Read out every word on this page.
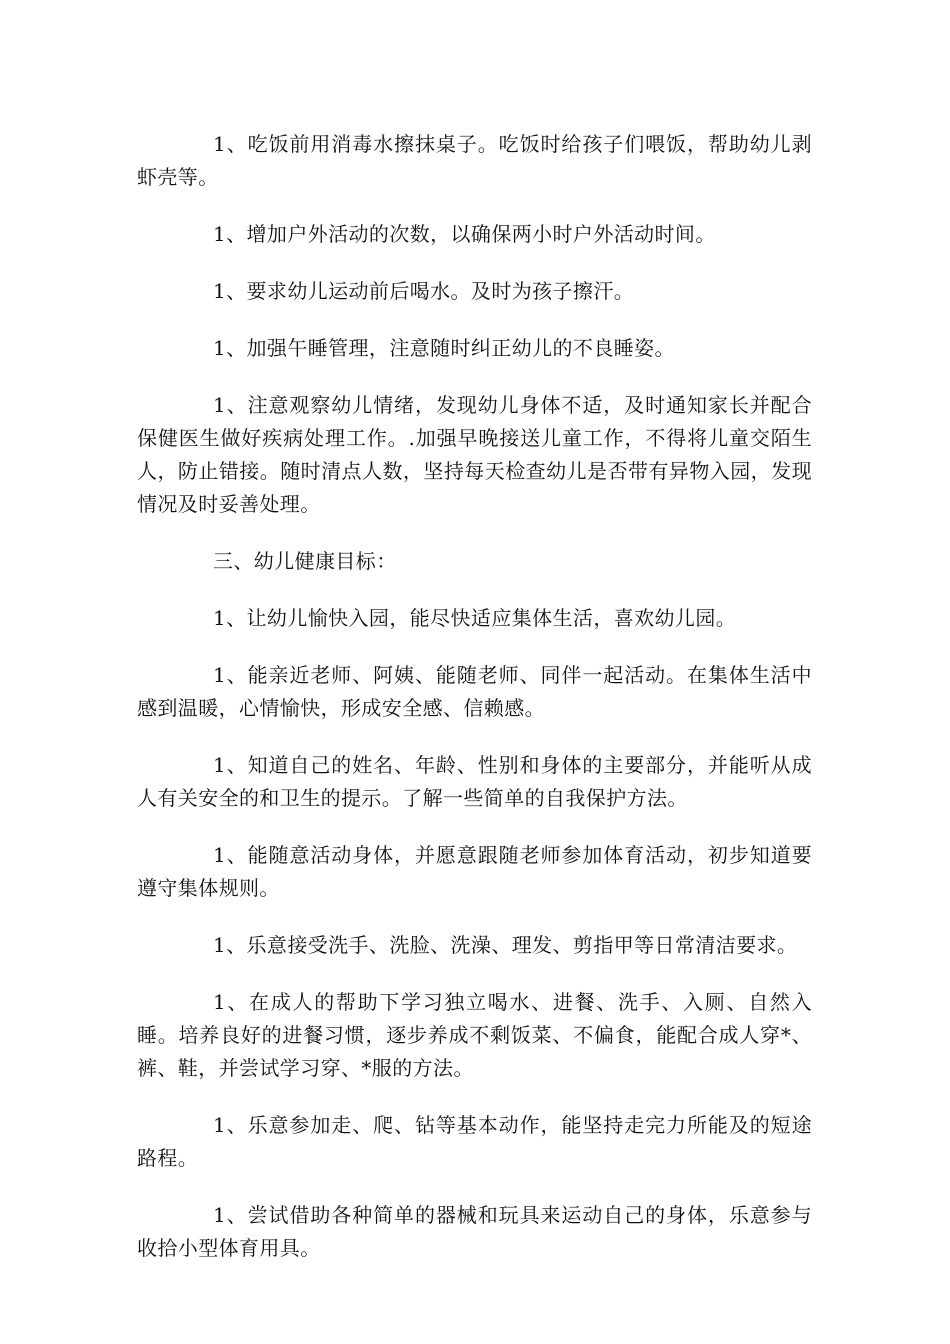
1、吃饭前用消毒水擦抹桌子。吃饭时给孩子们喂饭，帮助幼儿剥虾壳等。

1、增加户外活动的次数，以确保两小时户外活动时间。

1、要求幼儿运动前后喝水。及时为孩子擦汗。

1、加强午睡管理，注意随时纠正幼儿的不良睡姿。

1、注意观察幼儿情绪，发现幼儿身体不适，及时通知家长并配合保健医生做好疾病处理工作。.加强早晚接送儿童工作，不得将儿童交陌生人，防止错接。随时清点人数，坚持每天检查幼儿是否带有异物入园，发现情况及时妥善处理。

三、幼儿健康目标：

1、让幼儿愉快入园，能尽快适应集体生活，喜欢幼儿园。

1、能亲近老师、阿姨、能随老师、同伴一起活动。在集体生活中感到温暖，心情愉快，形成安全感、信赖感。

1、知道自己的姓名、年龄、性别和身体的主要部分，并能听从成人有关安全的和卫生的提示。了解一些简单的自我保护方法。

1、能随意活动身体，并愿意跟随老师参加体育活动，初步知道要遵守集体规则。

1、乐意接受洗手、洗脸、洗澡、理发、剪指甲等日常清洁要求。

1、在成人的帮助下学习独立喝水、进餐、洗手、入厕、自然入睡。培养良好的进餐习惯，逐步养成不剩饭菜、不偏食，能配合成人穿*、裤、鞋，并尝试学习穿、*服的方法。

1、乐意参加走、爬、钻等基本动作，能坚持走完力所能及的短途路程。

1、尝试借助各种简单的器械和玩具来运动自己的身体，乐意参与收拾小型体育用具。
